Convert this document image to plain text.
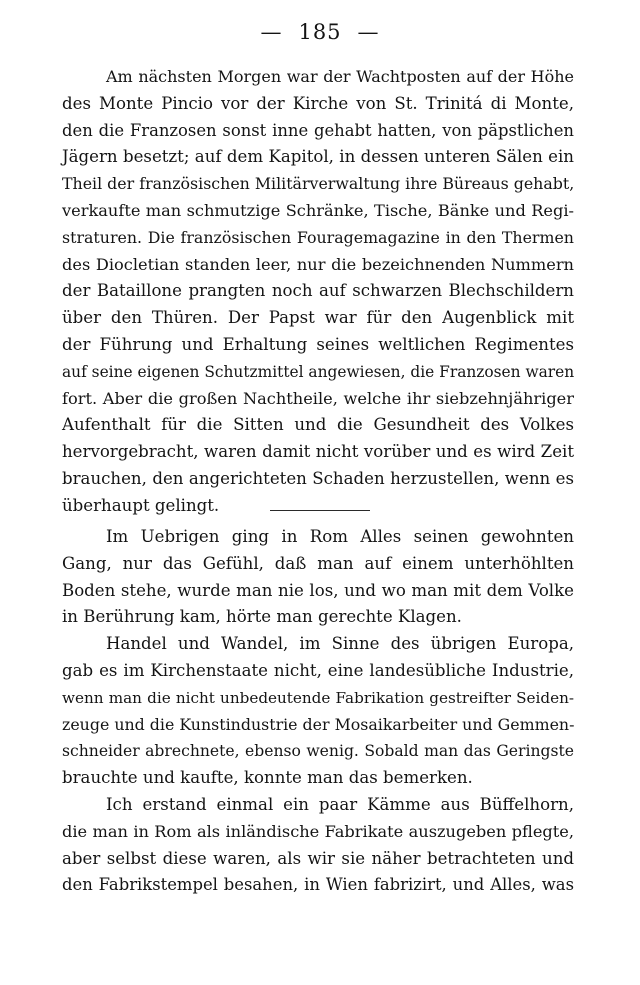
— 185 —
Am nächsten Morgen war der Wachtposten auf der Höhe
des Monte Pincio vor der Kirche von St. Trinitá di Monte,
den die Franzosen sonst inne gehabt hatten, von päpstlichen
Jägern besetzt; auf dem Kapitol, in dessen unteren Sälen ein
Theil der französischen Militärverwaltung ihre Büreaus gehabt,
verkaufte man schmutzige Schränke, Tische, Bänke und Regi-
straturen. Die französischen Fouragemagazine in den Thermen
des Diocletian standen leer, nur die bezeichnenden Nummern
der Bataillone prangten noch auf schwarzen Blechschildern
über den Thüren. Der Papst war für den Augenblick mit
der Führung und Erhaltung seines weltlichen Regimentes
auf seine eigenen Schutzmittel angewiesen, die Franzosen waren
fort. Aber die großen Nachtheile, welche ihr siebzehnjähriger
Aufenthalt für die Sitten und die Gesundheit des Volkes
hervorgebracht, waren damit nicht vorüber und es wird Zeit
brauchen, den angerichteten Schaden herzustellen, wenn es
überhaupt gelingt.
Im Uebrigen ging in Rom Alles seinen gewohnten
Gang, nur das Gefühl, daß man auf einem unterhöhlten
Boden stehe, wurde man nie los, und wo man mit dem Volke
in Berührung kam, hörte man gerechte Klagen.
Handel und Wandel, im Sinne des übrigen Europa,
gab es im Kirchenstaate nicht, eine landesübliche Industrie,
wenn man die nicht unbedeutende Fabrikation gestreifter Seiden-
zeuge und die Kunstindustrie der Mosaikarbeiter und Gemmen-
schneider abrechnete, ebenso wenig. Sobald man das Geringste
brauchte und kaufte, konnte man das bemerken.
Ich erstand einmal ein paar Kämme aus Büffelhorn,
die man in Rom als inländische Fabrikate auszugeben pflegte,
aber selbst diese waren, als wir sie näher betrachteten und
den Fabrikstempel besahen, in Wien fabrizirt, und Alles, was
